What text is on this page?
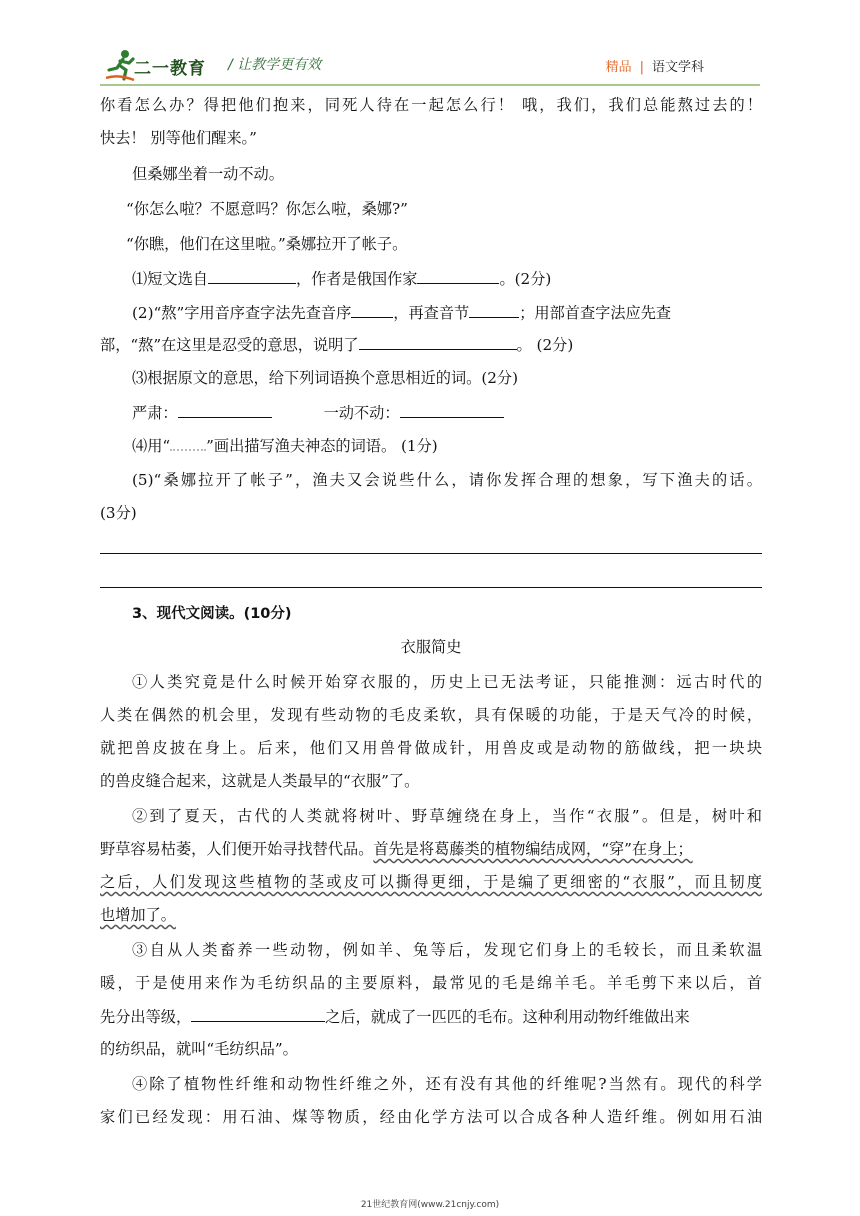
二一教育 / 让教学更有效	精品 | 语文学科
你看怎么办？得把他们抱来，同死人待在一起怎么行！ 哦，我们，我们总能熬过去的！
快去！ 别等他们醒来。”
但桑娜坐着一动不动。
“你怎么啦？不愿意吗？你怎么啦，桑娜?”
“你瞧，他们在这里啦。”桑娜拉开了帐子。
⑴短文选自	，作者是俄国作家	。(2分)
(2)“熬”字用音序查字法先查音序	，再查音节	；用部首查字法应先查
部，“熬”在这里是忍受的意思，说明了	。 (2分)
⑶根据原文的意思，给下列词语换个意思相近的词。(2分)
严肃：	一动不动：
⑷用“ ”画出描写渔夫神态的词语。 (1分)
(5)“桑娜拉开了帐子”，渔夫又会说些什么，请你发挥合理的想象，写下渔夫的话。
(3分)
3、现代文阅读。(10分)
衣服简史
①人类究竟是什么时候开始穿衣服的，历史上已无法考证，只能推测：远古时代的
人类在偶然的机会里，发现有些动物的毛皮柔软，具有保暖的功能，于是天气冷的时候，
就把兽皮披在身上。后来，他们又用兽骨做成针，用兽皮或是动物的筋做线，把一块块
的兽皮缝合起来，这就是人类最早的“衣服”了。
②到了夏天，古代的人类就将树叶、野草缠绕在身上，当作“衣服”。但是，树叶和
野草容易枯萎，人们便开始寻找替代品。首先是将葛藤类的植物编结成网，“穿”在身上；
之后，人们发现这些植物的茎或皮可以撕得更细，于是编了更细密的“衣服”，而且韧度
也增加了。
③自从人类畜养一些动物，例如羊、兔等后，发现它们身上的毛较长，而且柔软温
暖，于是使用来作为毛纺织品的主要原料，最常见的毛是绵羊毛。羊毛剪下来以后，首
先分出等级，	之后，就成了一匹匹的毛布。这种利用动物纤维做出来
的纺织品，就叫“毛纺织品”。
④除了植物性纤维和动物性纤维之外，还有没有其他的纤维呢?当然有。现代的科学
家们已经发现：用石油、煤等物质，经由化学方法可以合成各种人造纤维。例如用石油
21世纪教育网(www.21cnjy.com)
